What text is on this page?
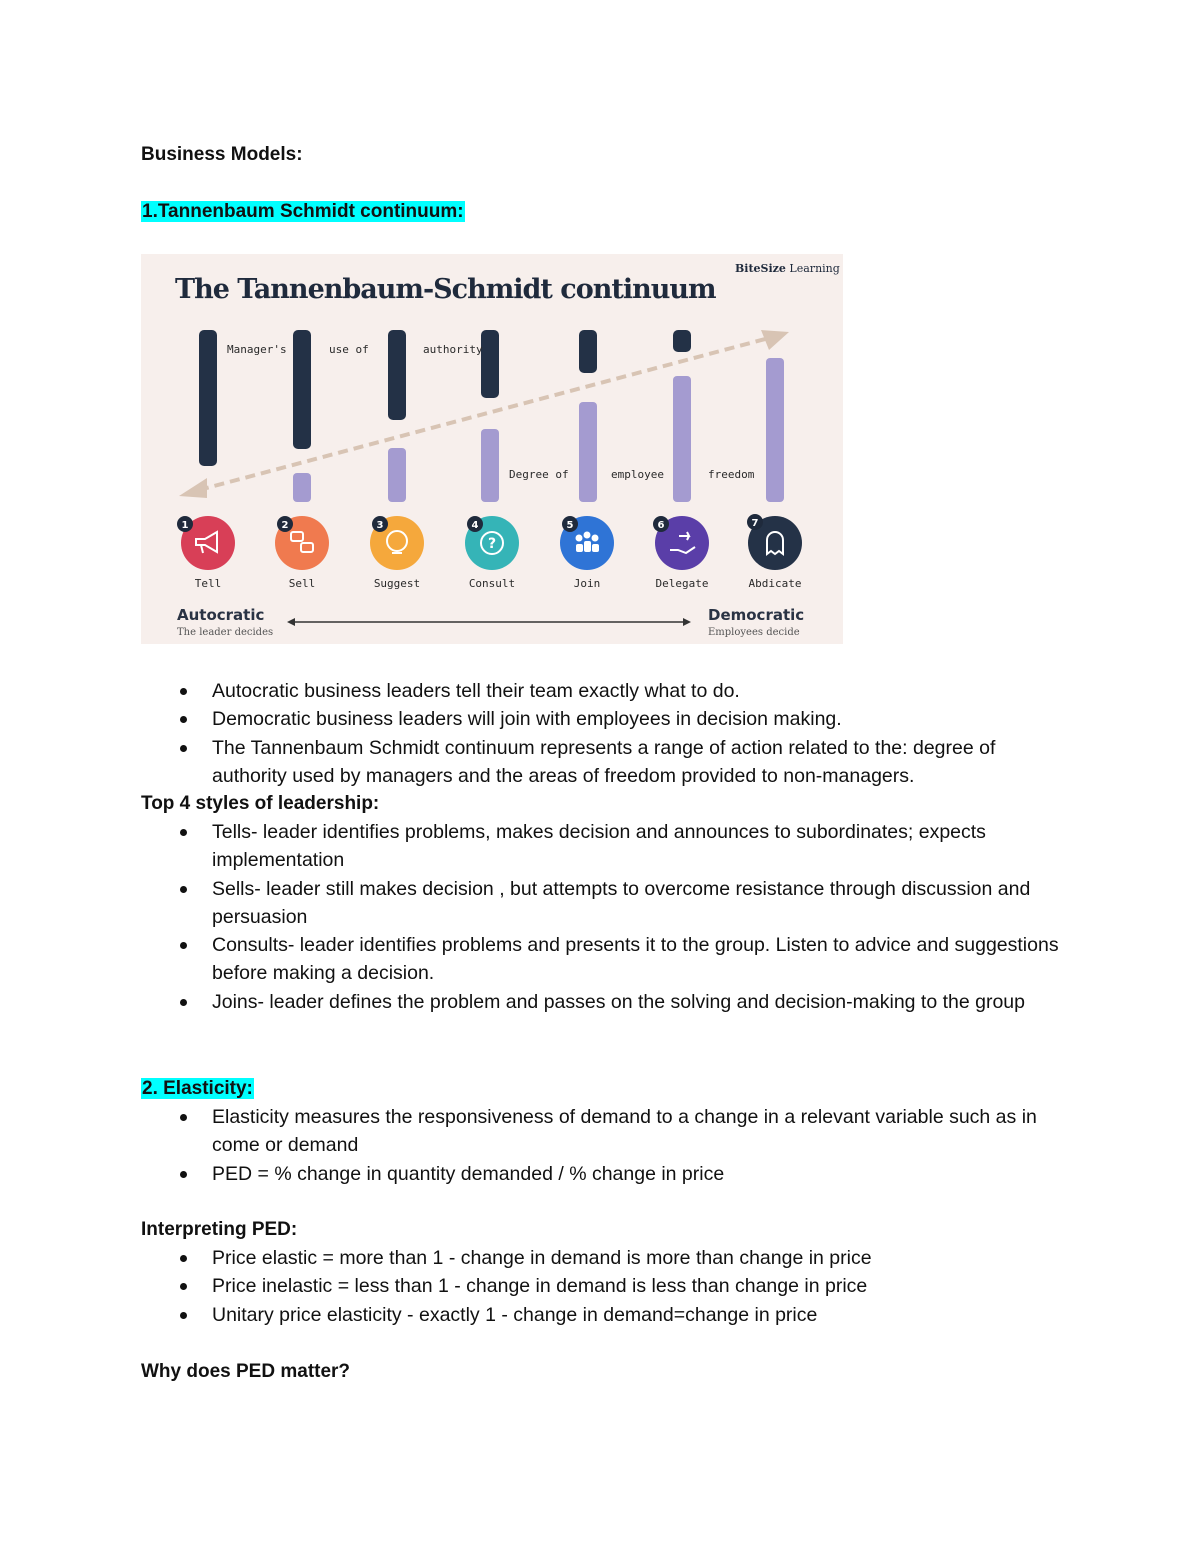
Business Models:
1.Tannenbaum Schmidt continuum:
The Tannenbaum-Schmidt continuum
BiteSize Learning
Manager's	use of	authority
Degree of	employee	freedom
1
Tell
2
Sell
3
Suggest
4
?
Consult
5
Join
6
Delegate
7
Abdicate
Autocratic
The leader decides
Democratic
Employees decide
Autocratic business leaders tell their team exactly what to do.
Democratic business leaders will join with employees in decision making.
The Tannenbaum Schmidt continuum represents a range of action related to the: degree of authority used by managers and the areas of freedom provided to non-managers.
Top 4 styles of leadership:
Tells- leader identifies problems, makes decision and announces to subordinates; expects implementation
Sells- leader still makes decision , but attempts to overcome resistance through discussion and persuasion
Consults- leader identifies problems and presents it to the group. Listen to advice and suggestions before making a decision.
Joins- leader defines the problem and passes on the solving and decision-making to the group
2. Elasticity:
Elasticity measures the responsiveness of demand to a change in a relevant variable such as in come or demand
PED = % change in quantity demanded / % change in price
Interpreting PED:
Price elastic = more than 1 - change in demand is more than change in price
Price inelastic = less than 1 - change in demand is less than change in price
Unitary price elasticity - exactly 1 - change in demand=change in price
Why does PED matter?
